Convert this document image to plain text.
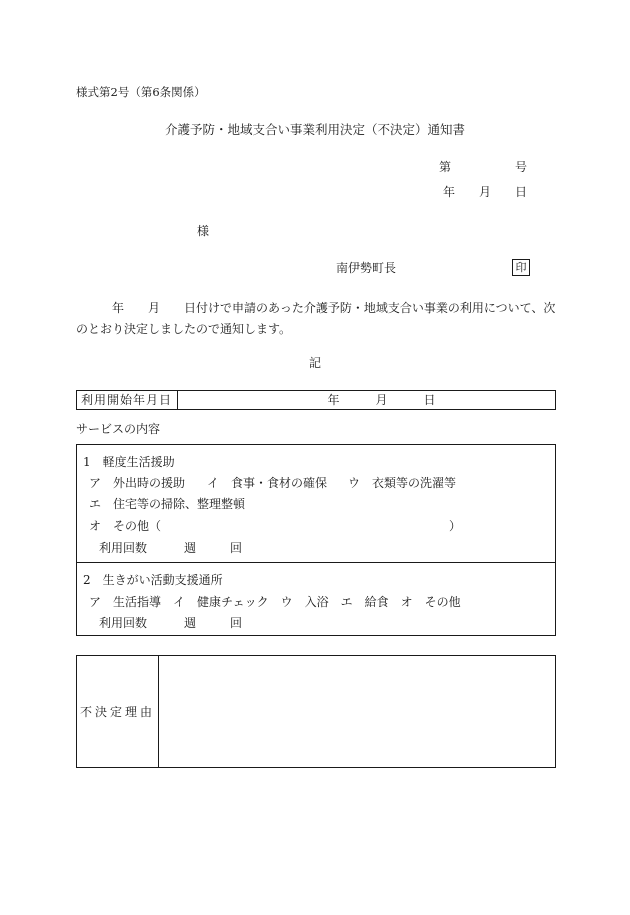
様式第2号（第6条関係）
介護予防・地域支合い事業利用決定（不決定）通知書
第	号
年 月 日
様
南伊勢町長	印
年 月 日付けで申請のあった介護予防・地域支合い事業の利用について、次のとおり決定しましたので通知します。
記
利用開始年月日	年	月	日
サービスの内容
1　軽度生活援助
ア　外出時の援助 イ　食事・食材の確保 ウ　衣類等の洗濯等
エ　住宅等の掃除、整理整頓
オ　その他（	）
利用回数	週	回
2　生きがい活動支援通所
ア　生活指導　イ　健康チェック　ウ　入浴　エ　給食　オ　その他
利用回数	週	回
不決定理由
